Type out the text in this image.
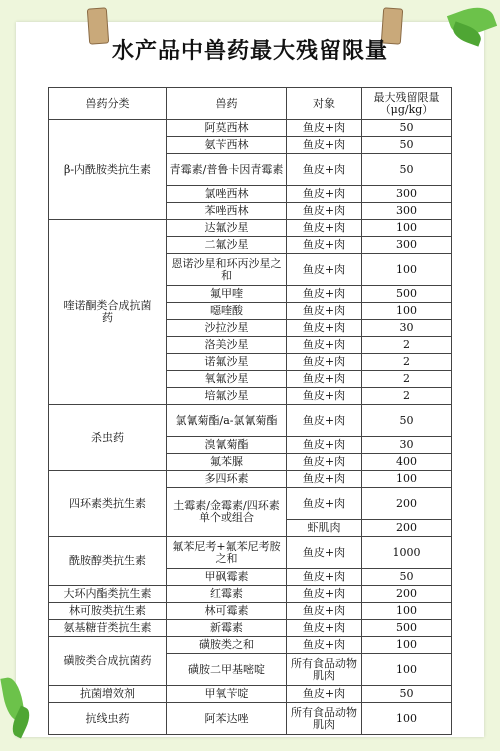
水产品中兽药最大残留限量
兽药分类	兽药	对象	最大残留限量
（μg/kg）
β-内酰胺类抗生素	阿莫西林	鱼皮+肉	50
	氨苄西林	鱼皮+肉	50
	青霉素/普鲁卡因青霉素	鱼皮+肉	50
	氯唑西林	鱼皮+肉	300
	苯唑西林	鱼皮+肉	300
喹诺酮类合成抗菌药	达氟沙星	鱼皮+肉	100
	二氟沙星	鱼皮+肉	300
	恩诺沙星和环丙沙星之和	鱼皮+肉	100
	氟甲喹	鱼皮+肉	500
	噁喹酸	鱼皮+肉	100
	沙拉沙星	鱼皮+肉	30
	洛美沙星	鱼皮+肉	2
	诺氟沙星	鱼皮+肉	2
	氧氟沙星	鱼皮+肉	2
	培氟沙星	鱼皮+肉	2
杀虫药	氯氰菊酯/a-氯氰菊酯	鱼皮+肉	50
	溴氰菊酯	鱼皮+肉	30
	氟苯脲	鱼皮+肉	400
四环素类抗生素	多四环素	鱼皮+肉	100
	土霉素/金霉素/四环素单个或组合	鱼皮+肉	200
		虾肌肉	200
酰胺醇类抗生素	氟苯尼考+氟苯尼考胺之和	鱼皮+肉	1000
	甲砜霉素	鱼皮+肉	50
大环内酯类抗生素	红霉素	鱼皮+肉	200
林可胺类抗生素	林可霉素	鱼皮+肉	100
氨基糖苷类抗生素	新霉素	鱼皮+肉	500
磺胺类合成抗菌药	磺胺类之和	鱼皮+肉	100
	磺胺二甲基嘧啶	所有食品动物肌肉	100
抗菌增效剂	甲氧苄啶	鱼皮+肉	50
抗线虫药	阿苯达唑	所有食品动物肌肉	100
